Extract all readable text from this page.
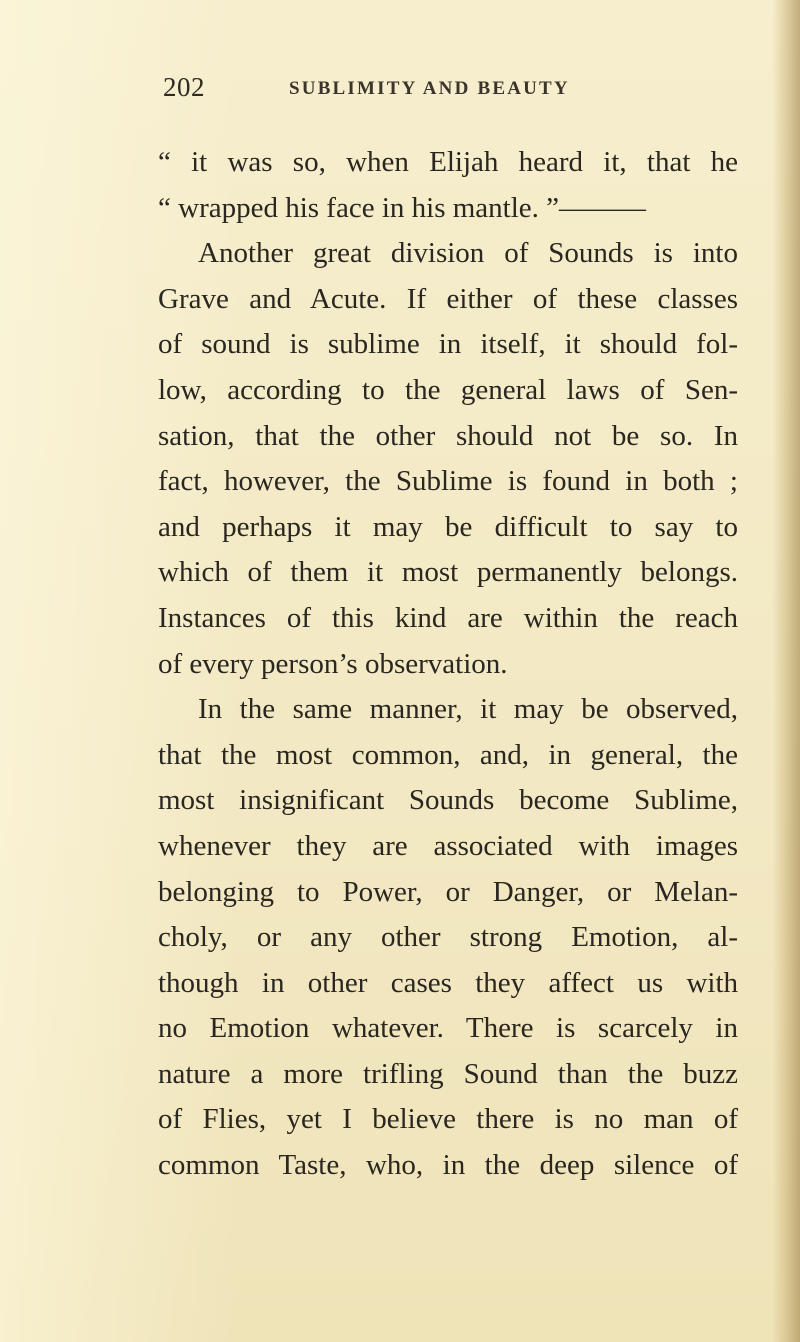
202	SUBLIMITY AND BEAUTY
“ it was so, when Elijah heard it, that he
“ wrapped his face in his mantle. ”———
Another great division of Sounds is into
Grave and Acute. If either of these classes
of sound is sublime in itself, it should fol-
low, according to the general laws of Sen-
sation, that the other should not be so. In
fact, however, the Sublime is found in both ;
and perhaps it may be difficult to say to
which of them it most permanently belongs.
Instances of this kind are within the reach
of every person’s observation.
In the same manner, it may be observed,
that the most common, and, in general, the
most insignificant Sounds become Sublime,
whenever they are associated with images
belonging to Power, or Danger, or Melan-
choly, or any other strong Emotion, al-
though in other cases they affect us with
no Emotion whatever. There is scarcely in
nature a more trifling Sound than the buzz
of Flies, yet I believe there is no man of
common Taste, who, in the deep silence of
